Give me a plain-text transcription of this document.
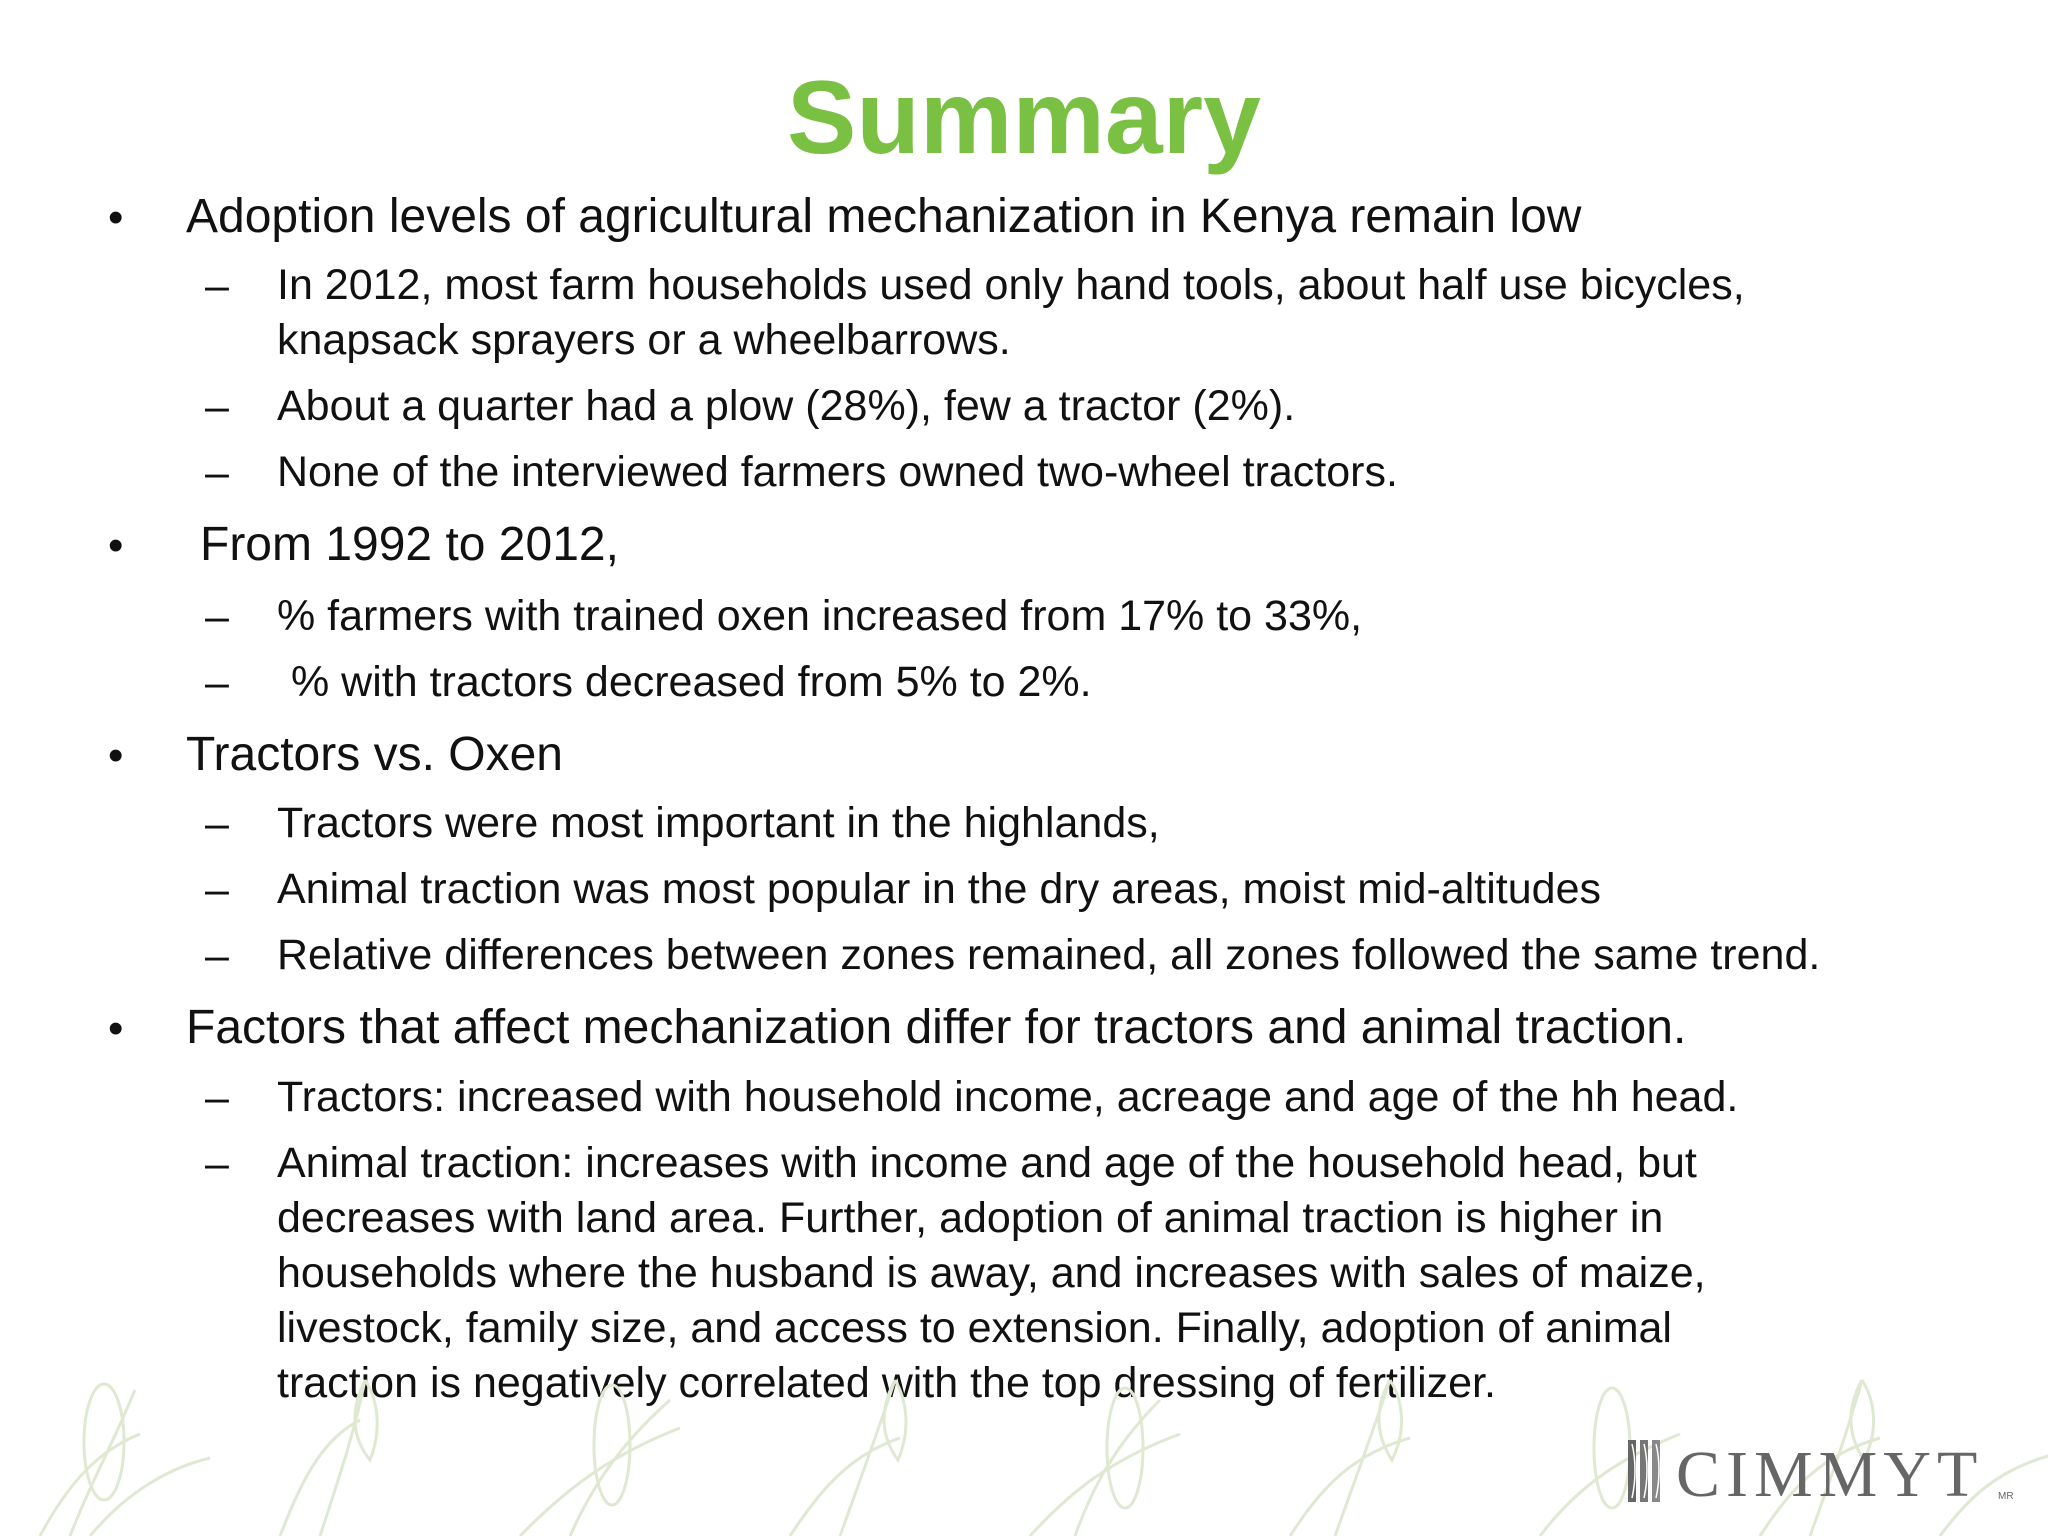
Summary
• Adoption levels of agricultural mechanization in Kenya remain low
– In 2012, most farm households used only hand tools, about half use bicycles,
knapsack sprayers or a wheelbarrows.
– About a quarter had a plow (28%), few a tractor (2%).
– None of the interviewed farmers owned two-wheel tractors.
• From 1992 to 2012,
– % farmers with trained oxen increased from 17% to 33%,
– % with tractors decreased from 5% to 2%.
• Tractors vs. Oxen
– Tractors were most important in the highlands,
– Animal traction was most popular in the dry areas, moist mid-altitudes
– Relative differences between zones remained, all zones followed the same trend.
• Factors that affect mechanization differ for tractors and animal traction.
– Tractors: increased with household income, acreage and age of the hh head.
– Animal traction: increases with income and age of the household head, but
decreases with land area. Further, adoption of animal traction is higher in
households where the husband is away, and increases with sales of maize,
livestock, family size, and access to extension. Finally, adoption of animal
traction is negatively correlated with the top dressing of fertilizer.
CIMMYT MR
